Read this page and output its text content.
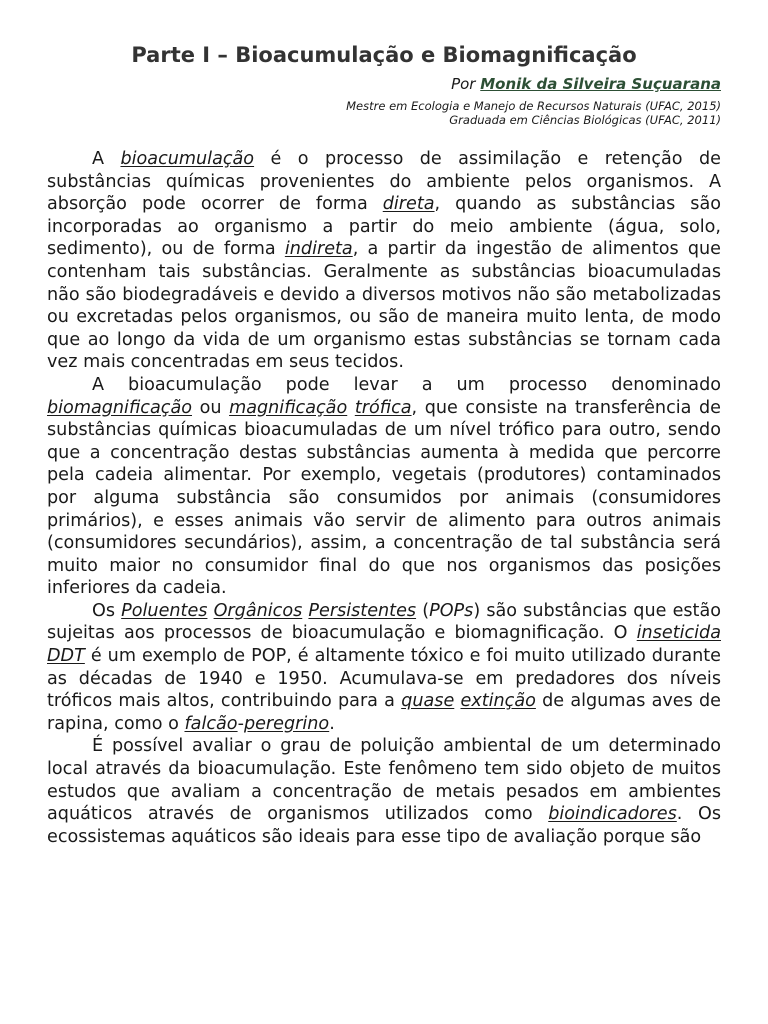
Parte I – Bioacumulação e Biomagnificação
Por Monik da Silveira Suçuarana
Mestre em Ecologia e Manejo de Recursos Naturais (UFAC, 2015)
Graduada em Ciências Biológicas (UFAC, 2011)

A bioacumulação é o processo de assimilação e retenção de substâncias químicas provenientes do ambiente pelos organismos. A absorção pode ocorrer de forma direta, quando as substâncias são incorporadas ao organismo a partir do meio ambiente (água, solo, sedimento), ou de forma indireta, a partir da ingestão de alimentos que contenham tais substâncias. Geralmente as substâncias bioacumuladas não são biodegradáveis e devido a diversos motivos não são metabolizadas ou excretadas pelos organismos, ou são de maneira muito lenta, de modo que ao longo da vida de um organismo estas substâncias se tornam cada vez mais concentradas em seus tecidos.

A bioacumulação pode levar a um processo denominado biomagnificação ou magnificação trófica, que consiste na transferência de substâncias químicas bioacumuladas de um nível trófico para outro, sendo que a concentração destas substâncias aumenta à medida que percorre pela cadeia alimentar. Por exemplo, vegetais (produtores) contaminados por alguma substância são consumidos por animais (consumidores primários), e esses animais vão servir de alimento para outros animais (consumidores secundários), assim, a concentração de tal substância será muito maior no consumidor final do que nos organismos das posições inferiores da cadeia.

Os Poluentes Orgânicos Persistentes (POPs) são substâncias que estão sujeitas aos processos de bioacumulação e biomagnificação. O inseticida DDT é um exemplo de POP, é altamente tóxico e foi muito utilizado durante as décadas de 1940 e 1950. Acumulava-se em predadores dos níveis tróficos mais altos, contribuindo para a quase extinção de algumas aves de rapina, como o falcão-peregrino.

É possível avaliar o grau de poluição ambiental de um determinado local através da bioacumulação. Este fenômeno tem sido objeto de muitos estudos que avaliam a concentração de metais pesados em ambientes aquáticos através de organismos utilizados como bioindicadores. Os ecossistemas aquáticos são ideais para esse tipo de avaliação porque são
